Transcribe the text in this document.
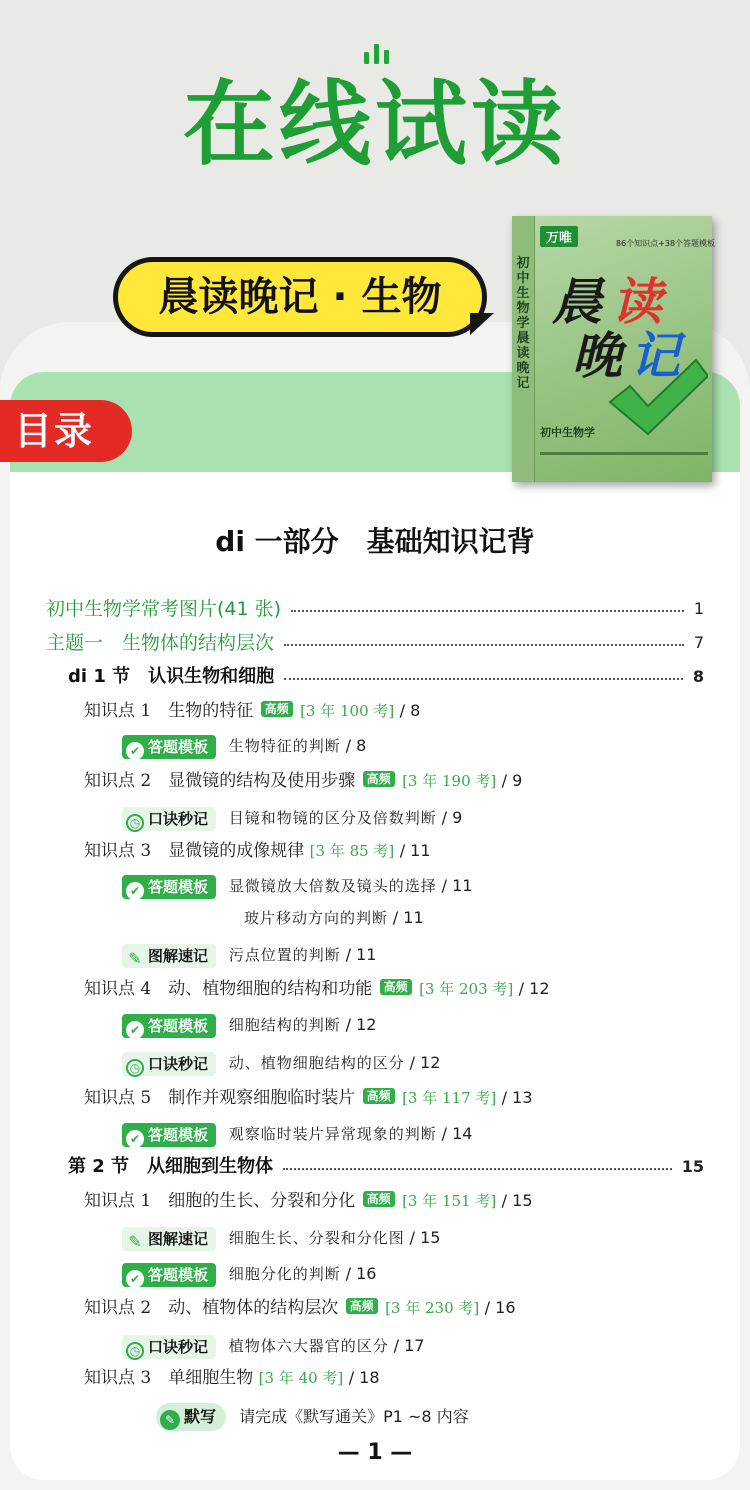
在线试读
晨读晚记 · 生物
目录
初中生物学晨读晚记
万唯	86个知识点+38个答题模板
晨 读
晚 记
初中生物学
di 一部分　基础知识记背
初中生物学常考图片(41 张)	1
主题一　生物体的结构层次	7
di 1 节　认识生物和细胞	8
知识点 1　生物的特征 高频 [3 年 100 考] / 8
✔ 答题模板 生物特征的判断 / 8
知识点 2　显微镜的结构及使用步骤 高频 [3 年 190 考] / 9
◷ 口诀秒记 目镜和物镜的区分及倍数判断 / 9
知识点 3　显微镜的成像规律 [3 年 85 考] / 11
✔ 答题模板 显微镜放大倍数及镜头的选择 / 11
玻片移动方向的判断 / 11
✎ 图解速记 污点位置的判断 / 11
知识点 4　动、植物细胞的结构和功能 高频 [3 年 203 考] / 12
✔ 答题模板 细胞结构的判断 / 12
◷ 口诀秒记 动、植物细胞结构的区分 / 12
知识点 5　制作并观察细胞临时装片 高频 [3 年 117 考] / 13
✔ 答题模板 观察临时装片异常现象的判断 / 14
第 2 节　从细胞到生物体	15
知识点 1　细胞的生长、分裂和分化 高频 [3 年 151 考] / 15
✎ 图解速记 细胞生长、分裂和分化图 / 15
✔ 答题模板 细胞分化的判断 / 16
知识点 2　动、植物体的结构层次 高频 [3 年 230 考] / 16
◷ 口诀秒记 植物体六大器官的区分 / 17
知识点 3　单细胞生物 [3 年 40 考] / 18
✎ 默写 请完成《默写通关》P1 ~8 内容
— 1 —
